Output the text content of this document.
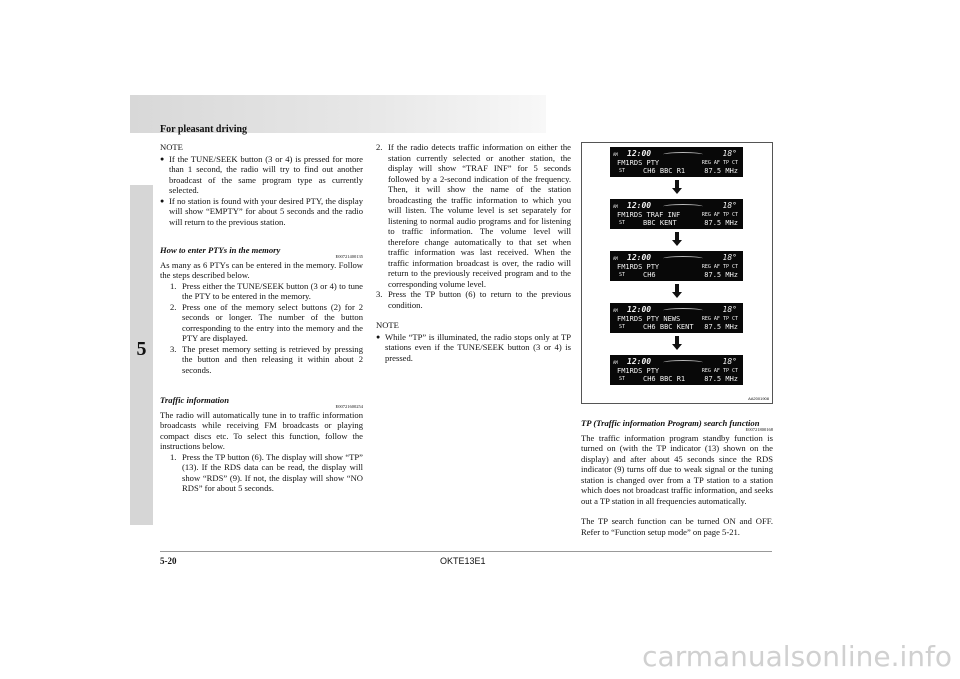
For pleasant driving
5
NOTE
● If the TUNE/SEEK button (3 or 4) is pressed for more than 1 second, the radio will try to find out another broadcast of the same program type as currently selected.
● If no station is found with your desired PTY, the display will show “EMPTY” for about 5 seconds and the radio will return to the previous station.
How to enter PTYs in the memory
E00721400135

As many as 6 PTYs can be entered in the memory. Follow the steps described below.

1. Press either the TUNE/SEEK button (3 or 4) to tune the PTY to be entered in the memory.
2. Press one of the memory select buttons (2) for 2 seconds or longer. The number of the button corresponding to the entry into the memory and the PTY are displayed.
3. The preset memory setting is retrieved by pressing the button and then releasing it within about 2 seconds.
Traffic information
E00721600254

The radio will automatically tune in to traffic information broadcasts while receiving FM broadcasts or playing compact discs etc. To select this function, follow the instructions below.

1. Press the TP button (6). The display will show “TP” (13). If the RDS data can be read, the display will show “RDS” (9). If not, the display will show “NO RDS” for about 5 seconds.
2. If the radio detects traffic information on either the station currently selected or another station, the display will show “TRAF INF” for 5 seconds followed by a 2-second indication of the frequency. Then, it will show the name of the station broadcasting the traffic information to which you will listen. The volume level is set separately for listening to normal audio programs and for listening to traffic information. The volume level will therefore change automatically to that set when traffic information was last received. When the traffic information broadcast is over, the radio will return to the previously received program and to the corresponding volume level.
3. Press the TP button (6) to return to the previous condition.
NOTE
● While “TP” is illuminated, the radio stops only at TP stations even if the TUNE/SEEK button (3 or 4) is pressed.
AM 12:00	18°
FM1RDS PTY	REG AF TP CT
ST	CH6 BBC R1	87.5 MHz
AM 12:00	18°
FM1RDS TRAF INF	REG AF TP CT
ST	BBC KENT	87.5 MHz
AM 12:00	18°
FM1RDS PTY	REG AF TP CT
ST	CH6	87.5 MHz
AM 12:00	18°
FM1RDS PTY NEWS	REG AF TP CT
ST	CH6 BBC KENT 87.5 MHz
AM 12:00	18°
FM1RDS PTY	REG AF TP CT
ST	CH6 BBC R1	87.5 MHz
AA2001908
TP (Traffic information Program) search function
E00721800168

The traffic information program standby function is turned on (with the TP indicator (13) shown on the display) and after about 45 seconds since the RDS indicator (9) turns off due to weak signal or the tuning station is changed over from a TP station to a station which does not broadcast traffic information, and seeks out a TP station in all frequencies automatically.

The TP search function can be turned ON and OFF. Refer to “Function setup mode” on page 5-21.

5-20	OKTE13E1
carmanualsonline.info
